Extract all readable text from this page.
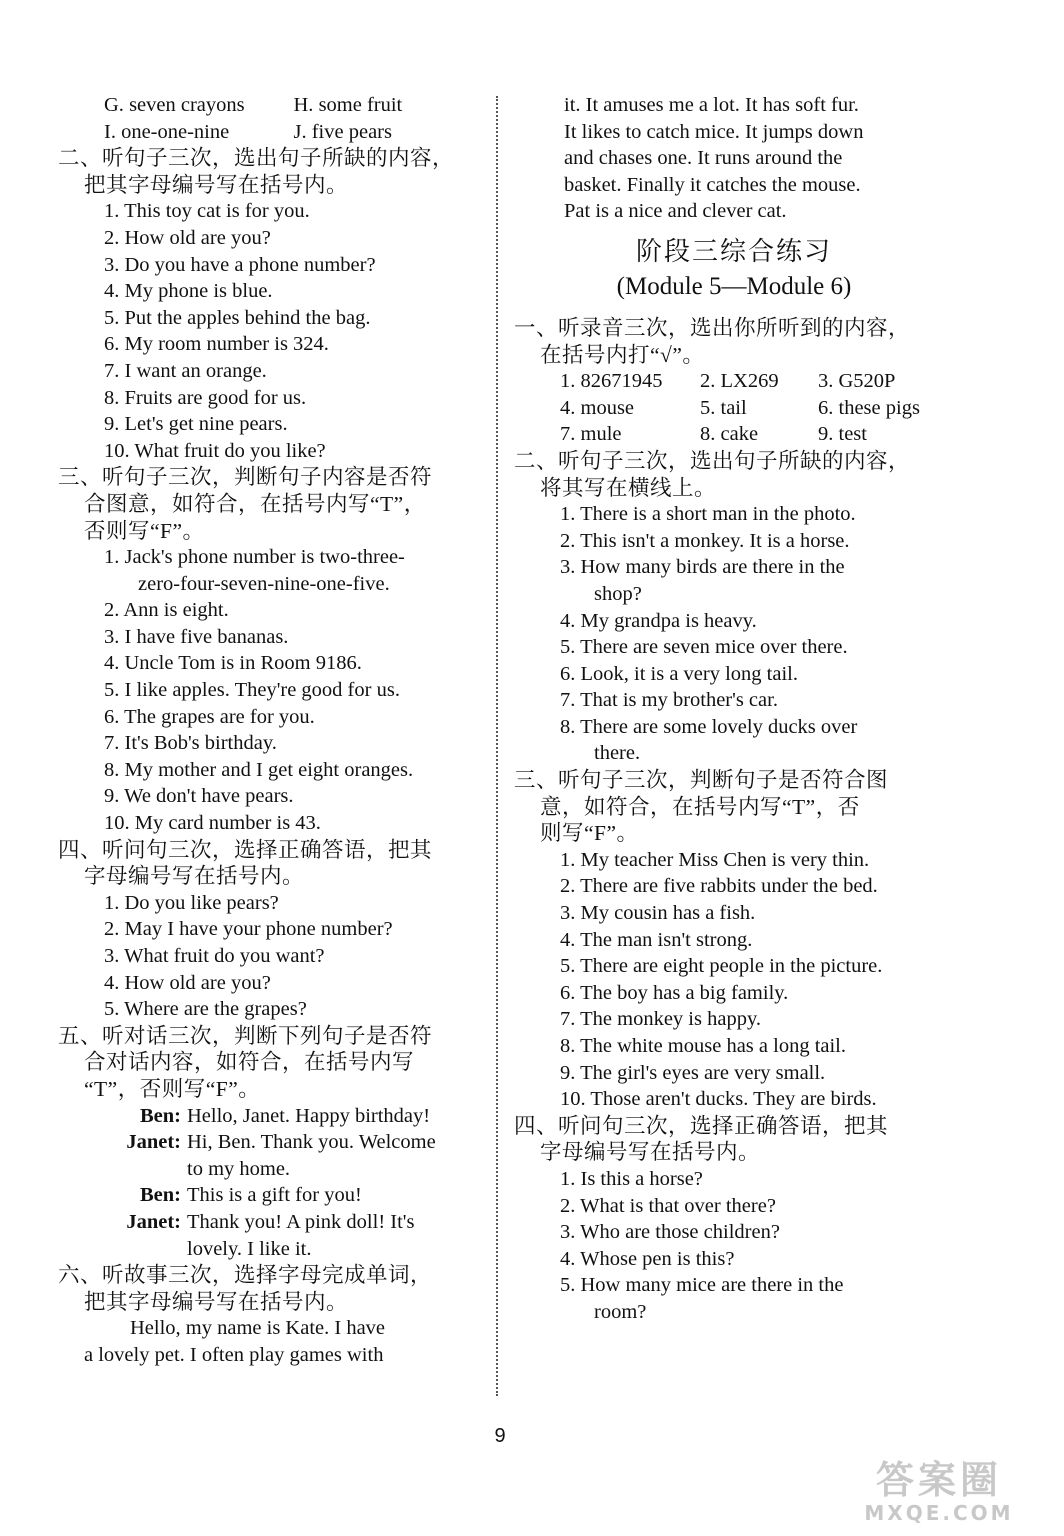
G. seven crayons H. some fruit
I. one-one-nine	J. five pears
二、听句子三次，选出句子所缺的内容，
把其字母编号写在括号内。
1. This toy cat is for you.
2. How old are you?
3. Do you have a phone number?
4. My phone is blue.
5. Put the apples behind the bag.
6. My room number is 324.
7. I want an orange.
8. Fruits are good for us.
9. Let's get nine pears.
10. What fruit do you like?
三、听句子三次，判断句子内容是否符
合图意，如符合，在括号内写“T”，
否则写“F”。
1. Jack's phone number is two-three-
zero-four-seven-nine-one-five.
2. Ann is eight.
3. I have five bananas.
4. Uncle Tom is in Room 9186.
5. I like apples. They're good for us.
6. The grapes are for you.
7. It's Bob's birthday.
8. My mother and I get eight oranges.
9. We don't have pears.
10. My card number is 43.
四、听问句三次，选择正确答语，把其
字母编号写在括号内。
1. Do you like pears?
2. May I have your phone number?
3. What fruit do you want?
4. How old are you?
5. Where are the grapes?
五、听对话三次，判断下列句子是否符
合对话内容，如符合，在括号内写
“T”，否则写“F”。
Ben: Hello, Janet. Happy birthday!
Janet: Hi, Ben. Thank you. Welcome
to my home.
Ben: This is a gift for you!
Janet: Thank you! A pink doll! It's
lovely. I like it.
六、听故事三次，选择字母完成单词，
把其字母编号写在括号内。
Hello, my name is Kate. I have
a lovely pet. I often play games with
it. It amuses me a lot. It has soft fur.
It likes to catch mice. It jumps down
and chases one. It runs around the
basket. Finally it catches the mouse.
Pat is a nice and clever cat.
阶段三综合练习
(Module 5—Module 6)
一、听录音三次，选出你所听到的内容，
在括号内打“√”。
1. 82671945	2. LX269	3. G520P
4. mouse	5. tail	6. these pigs
7. mule	8. cake	9. test
二、听句子三次，选出句子所缺的内容，
将其写在横线上。
1. There is a short man in the photo.
2. This isn't a monkey. It is a horse.
3. How many birds are there in the
shop?
4. My grandpa is heavy.
5. There are seven mice over there.
6. Look, it is a very long tail.
7. That is my brother's car.
8. There are some lovely ducks over
there.
三、听句子三次，判断句子是否符合图
意，如符合，在括号内写“T”，否
则写“F”。
1. My teacher Miss Chen is very thin.
2. There are five rabbits under the bed.
3. My cousin has a fish.
4. The man isn't strong.
5. There are eight people in the picture.
6. The boy has a big family.
7. The monkey is happy.
8. The white mouse has a long tail.
9. The girl's eyes are very small.
10. Those aren't ducks. They are birds.
四、听问句三次，选择正确答语，把其
字母编号写在括号内。
1. Is this a horse?
2. What is that over there?
3. Who are those children?
4. Whose pen is this?
5. How many mice are there in the
room?
9
答案圈
MXQE.COM
